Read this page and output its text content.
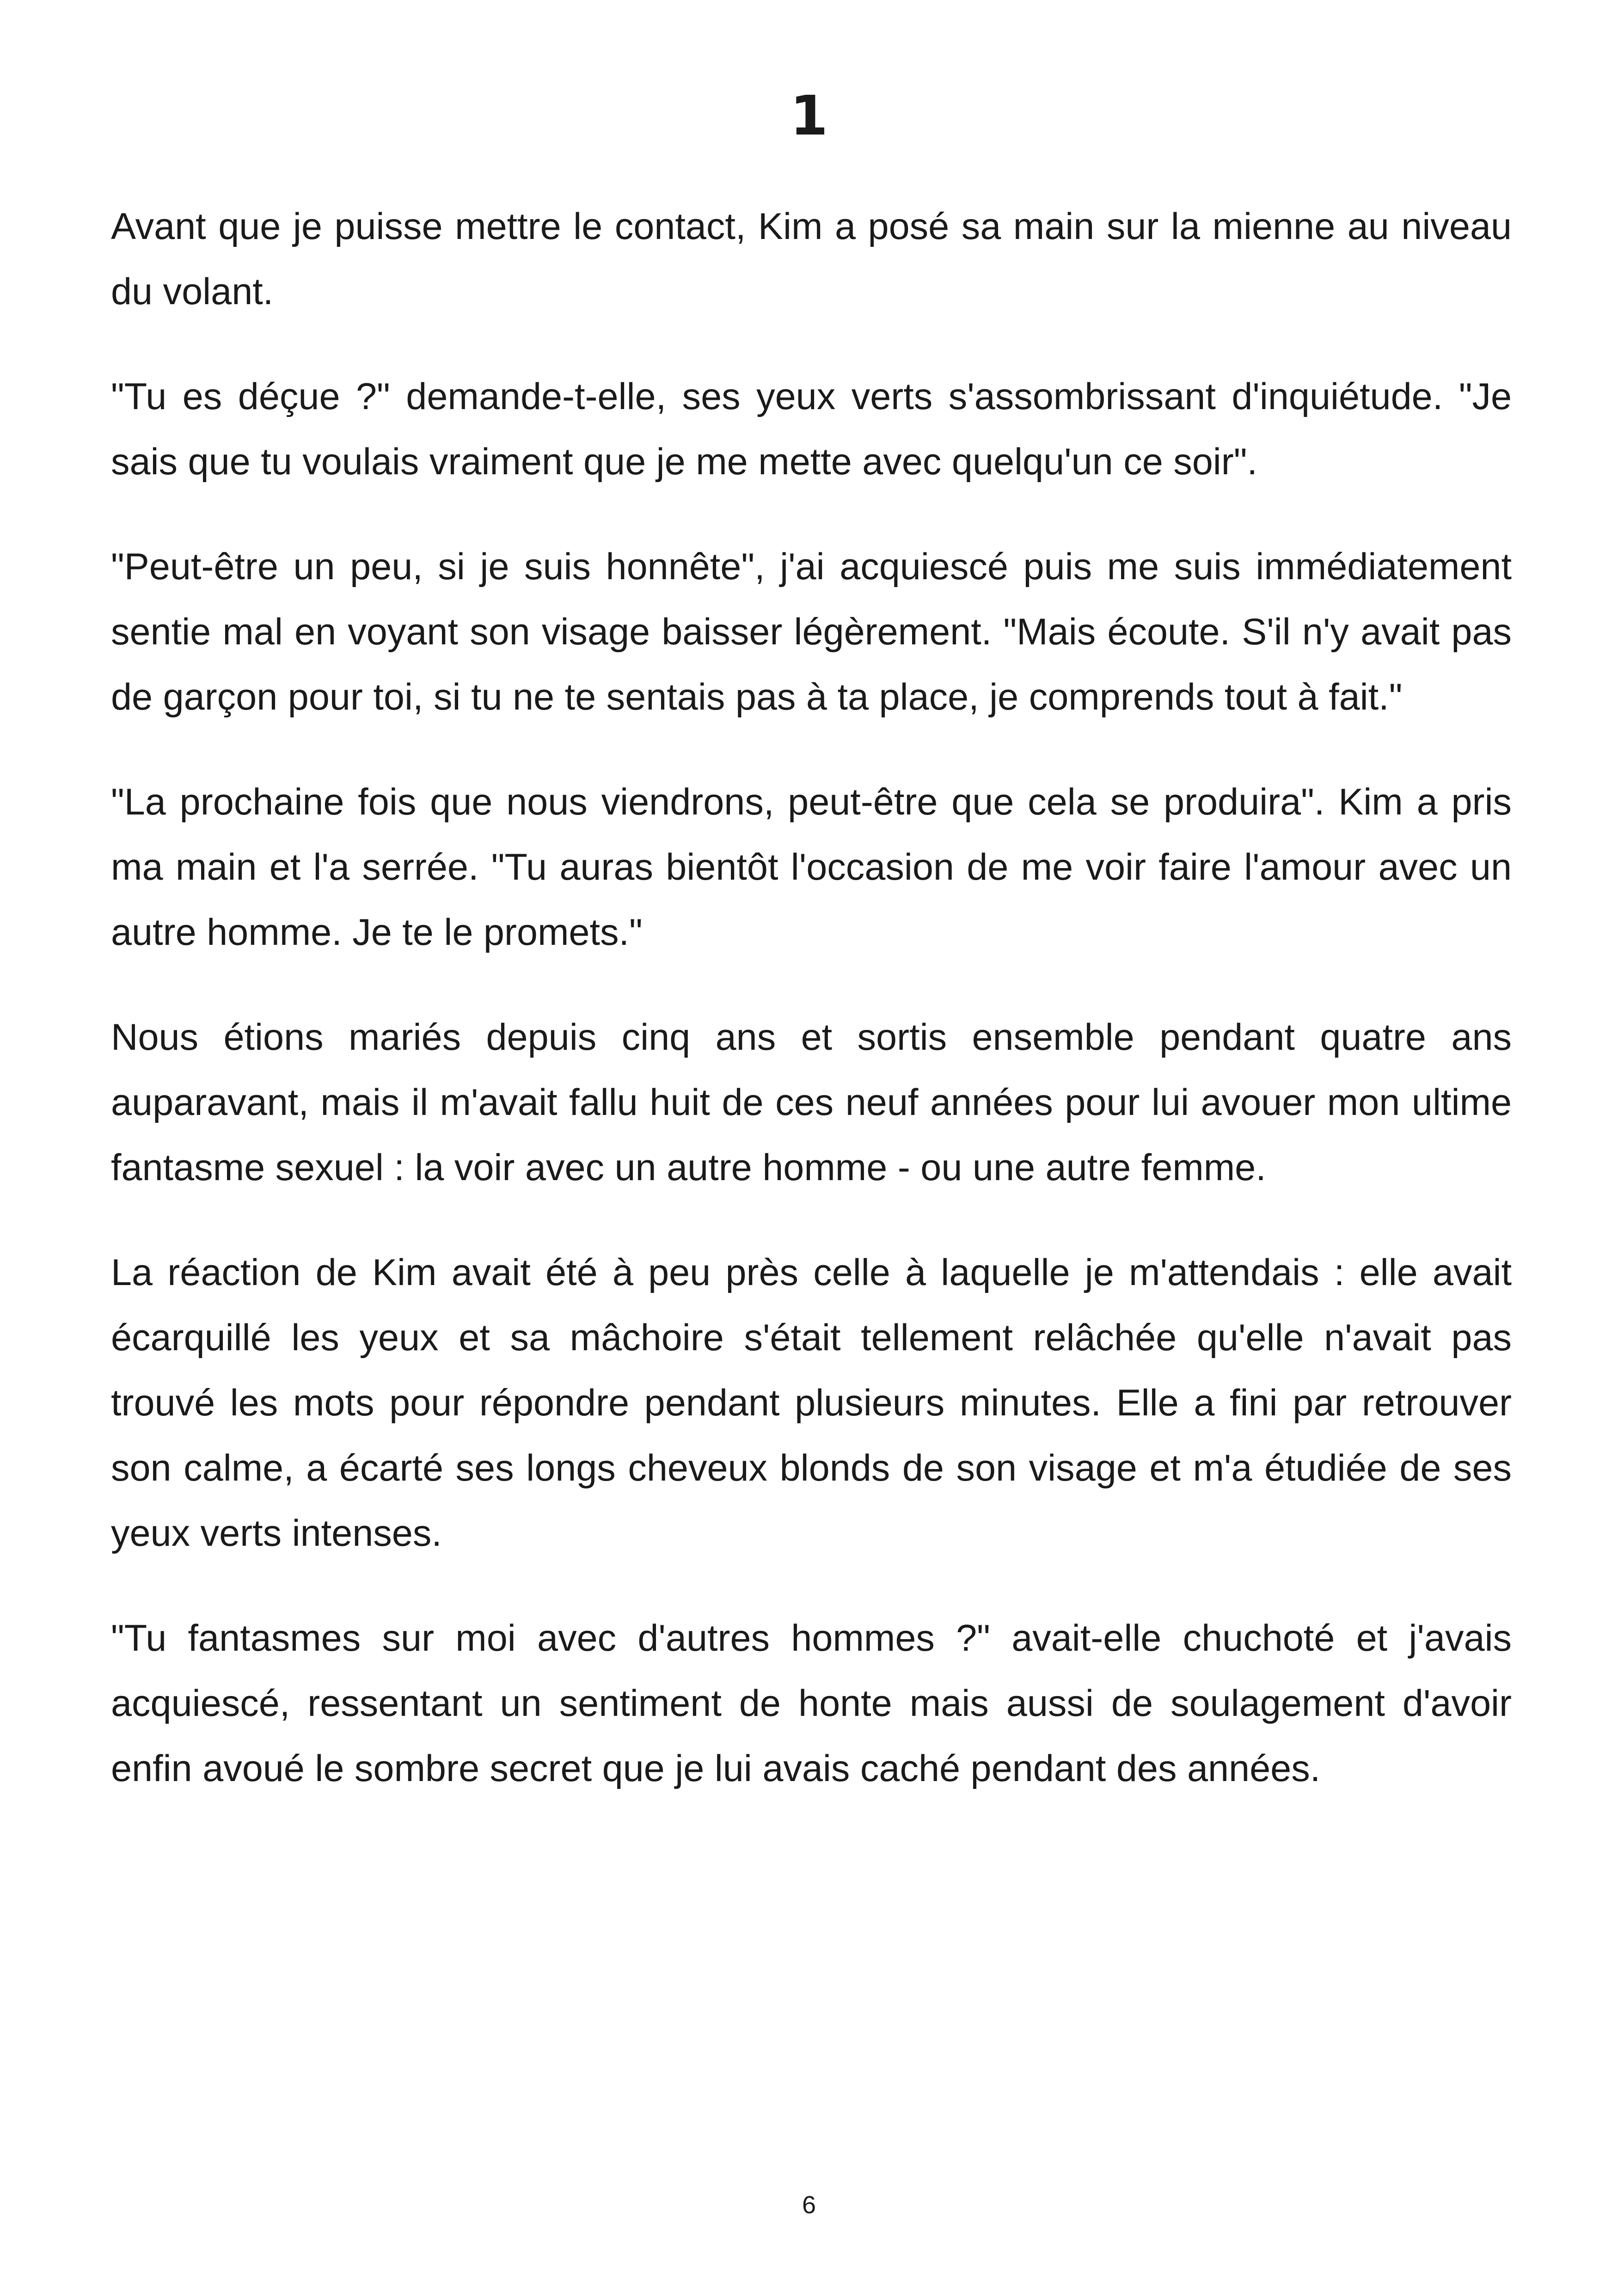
1

Avant que je puisse mettre le contact, Kim a posé sa main sur la mienne au niveau du volant.

"Tu es déçue ?" demande-t-elle, ses yeux verts s'assombrissant d'inquiétude. "Je sais que tu voulais vraiment que je me mette avec quelqu'un ce soir".

"Peut-être un peu, si je suis honnête", j'ai acquiescé puis me suis immédiatement sentie mal en voyant son visage baisser légèrement. "Mais écoute. S'il n'y avait pas de garçon pour toi, si tu ne te sentais pas à ta place, je comprends tout à fait."

"La prochaine fois que nous viendrons, peut-être que cela se produira". Kim a pris ma main et l'a serrée. "Tu auras bientôt l'occasion de me voir faire l'amour avec un autre homme. Je te le promets."

Nous étions mariés depuis cinq ans et sortis ensemble pendant quatre ans auparavant, mais il m'avait fallu huit de ces neuf années pour lui avouer mon ultime fantasme sexuel : la voir avec un autre homme - ou une autre femme.

La réaction de Kim avait été à peu près celle à laquelle je m'attendais : elle avait écarquillé les yeux et sa mâchoire s'était tellement relâchée qu'elle n'avait pas trouvé les mots pour répondre pendant plusieurs minutes. Elle a fini par retrouver son calme, a écarté ses longs cheveux blonds de son visage et m'a étudiée de ses yeux verts intenses.

"Tu fantasmes sur moi avec d'autres hommes ?" avait-elle chuchoté et j'avais acquiescé, ressentant un sentiment de honte mais aussi de soulagement d'avoir enfin avoué le sombre secret que je lui avais caché pendant des années.

6
